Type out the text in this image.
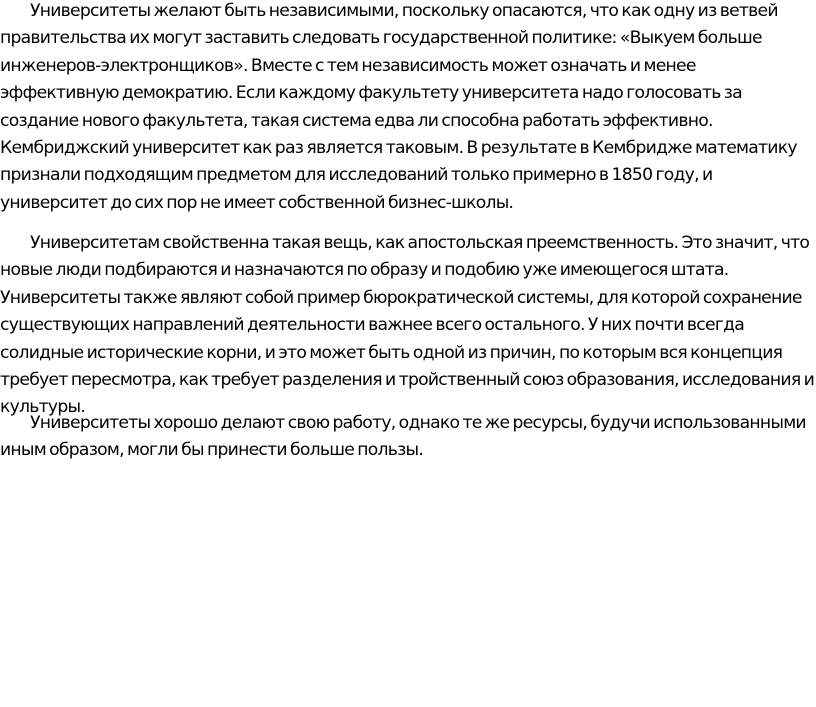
Университеты желают быть независимыми, поскольку опасаются, что как одну из ветвей правительства их могут заставить следовать государственной политике: «Выкуем больше инженеров-электронщиков». Вместе с тем независимость может означать и менее эффективную демократию. Если каждому факультету университета надо голосовать за создание нового факультета, такая система едва ли способна работать эффективно. Кембриджский университет как раз является таковым. В результате в Кембридже математику признали подходящим предметом для исследований только примерно в 1850 году, и университет до сих пор не имеет собственной бизнес-школы.

Университетам свойственна такая вещь, как апостольская преемственность. Это значит, что новые люди подбираются и назначаются по образу и подобию уже имеющегося штата. Университеты также являют собой пример бюрократической системы, для которой сохранение существующих направлений деятельности важнее всего остального. У них почти всегда солидные исторические корни, и это может быть одной из причин, по которым вся концепция требует пересмотра, как требует разделения и тройственный союз образования, исследования и культуры.

Университеты хорошо делают свою работу, однако те же ресурсы, будучи использованными иным образом, могли бы принести больше пользы.
